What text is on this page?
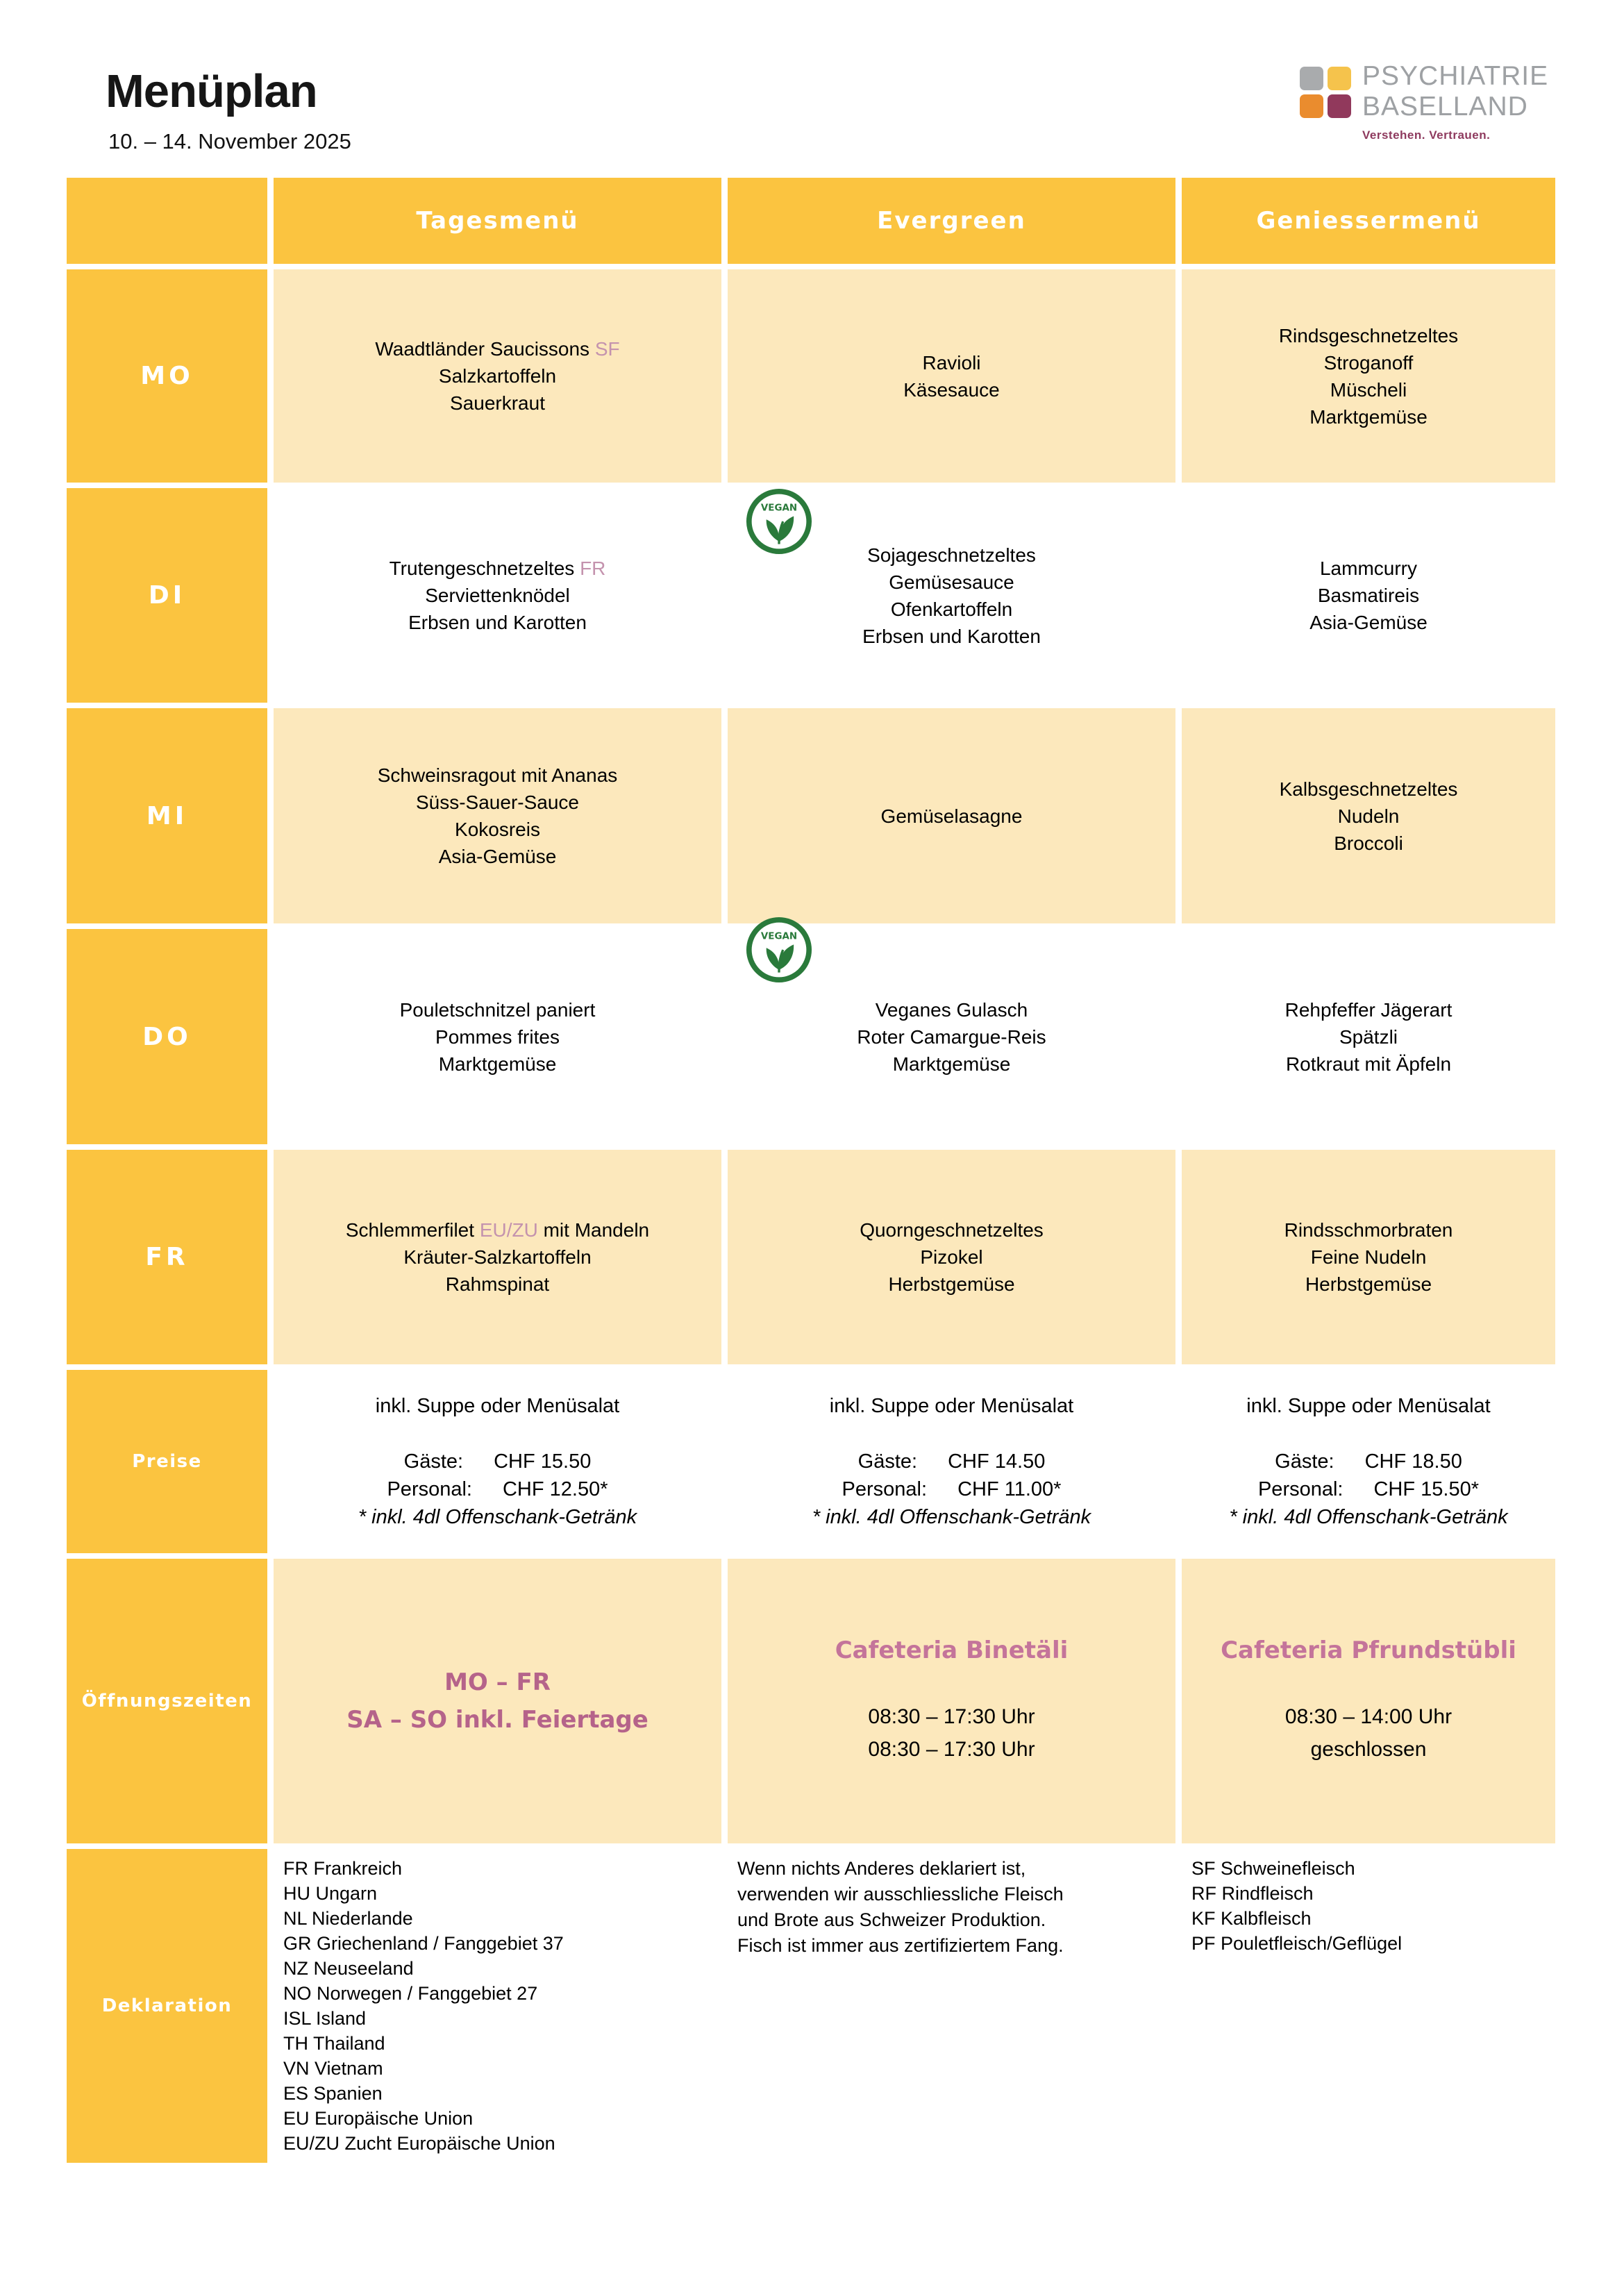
Menüplan
10. – 14. November 2025
PSYCHIATRIE
BASELLAND
Verstehen. Vertrauen.
Tagesmenü	Evergreen	Geniessermenü
MO
Waadtländer Saucissons SF
Salzkartoffeln
Sauerkraut
Ravioli
Käsesauce
Rindsgeschnetzeltes
Stroganoff
Müscheli
Marktgemüse
DI
Trutengeschnetzeltes FR
Serviettenknödel
Erbsen und Karotten
VEGAN
Sojageschnetzeltes
Gemüsesauce
Ofenkartoffeln
Erbsen und Karotten
Lammcurry
Basmatireis
Asia-Gemüse
MI
Schweinsragout mit Ananas
Süss-Sauer-Sauce
Kokosreis
Asia-Gemüse
Gemüselasagne
Kalbsgeschnetzeltes
Nudeln
Broccoli
DO
Pouletschnitzel paniert
Pommes frites
Marktgemüse
VEGAN
Veganes Gulasch
Roter Camargue-Reis
Marktgemüse
Rehpfeffer Jägerart
Spätzli
Rotkraut mit Äpfeln
FR
Schlemmerfilet EU/ZU mit Mandeln
Kräuter-Salzkartoffeln
Rahmspinat
Quorngeschnetzeltes
Pizokel
Herbstgemüse
Rindsschmorbraten
Feine Nudeln
Herbstgemüse
Preise
inkl. Suppe oder Menüsalat
Gäste: CHF 15.50
Personal: CHF 12.50*
* inkl. 4dl Offenschank-Getränk
inkl. Suppe oder Menüsalat
Gäste: CHF 14.50
Personal: CHF 11.00*
* inkl. 4dl Offenschank-Getränk
inkl. Suppe oder Menüsalat
Gäste: CHF 18.50
Personal: CHF 15.50*
* inkl. 4dl Offenschank-Getränk
Öffnungszeiten
MO – FR
SA – SO inkl. Feiertage
Cafeteria Binetäli
08:30 – 17:30 Uhr
08:30 – 17:30 Uhr
Cafeteria Pfrundstübli
08:30 – 14:00 Uhr
geschlossen
Deklaration
FR Frankreich
HU Ungarn
NL Niederlande
GR Griechenland / Fanggebiet 37
NZ Neuseeland
NO Norwegen / Fanggebiet 27
ISL Island
TH Thailand
VN Vietnam
ES Spanien
EU Europäische Union
EU/ZU Zucht Europäische Union
Wenn nichts Anderes deklariert ist,
verwenden wir ausschliessliche Fleisch
und Brote aus Schweizer Produktion.
Fisch ist immer aus zertifiziertem Fang.
SF Schweinefleisch
RF Rindfleisch
KF Kalbfleisch
PF Pouletfleisch/Geflügel
